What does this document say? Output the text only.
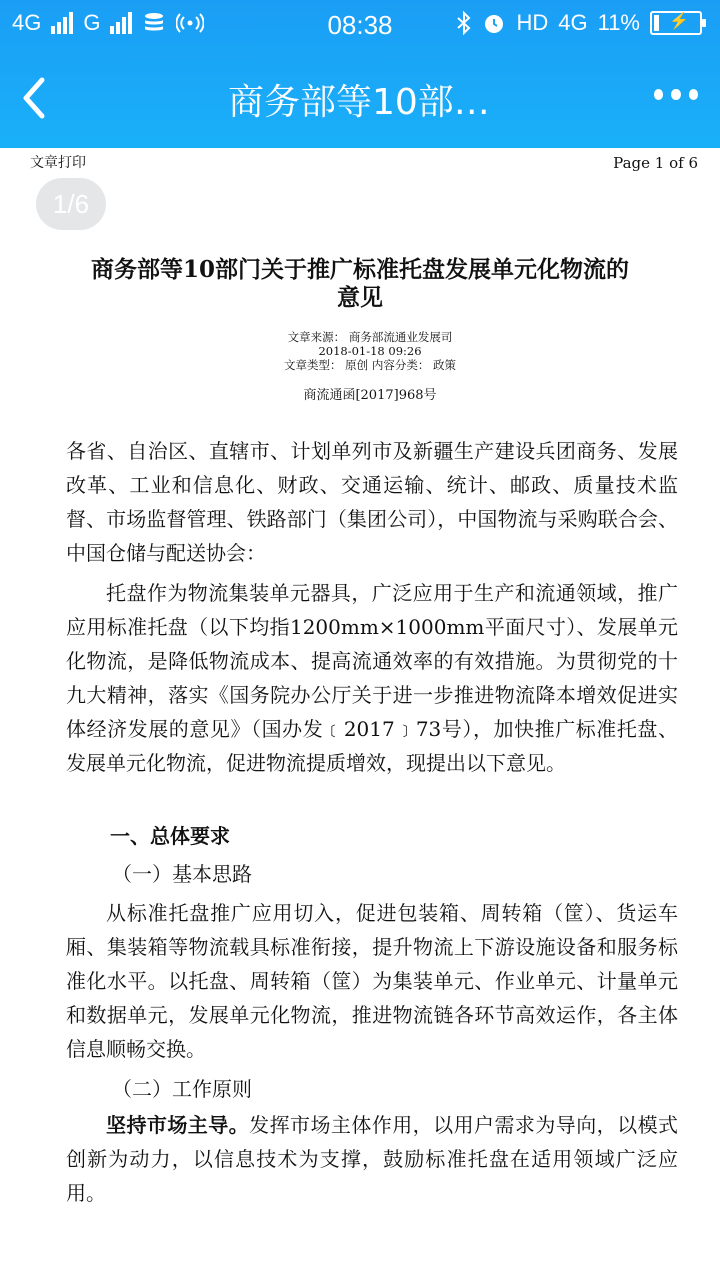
4G G	08:38	HD 4G 11% ⚡
商务部等10部…
文章打印	Page 1 of 6
1/6
商务部等10部门关于推广标准托盘发展单元化物流的
意见
文章来源： 商务部流通业发展司
2018-01-18 09:26
文章类型： 原创 内容分类： 政策
商流通函[2017]968号
各省、自治区、直辖市、计划单列市及新疆生产建设兵团商务、发展改革、工业和信息化、财政、交通运输、统计、邮政、质量技术监督、市场监督管理、铁路部门（集团公司），中国物流与采购联合会、中国仓储与配送协会：
托盘作为物流集装单元器具，广泛应用于生产和流通领域，推广应用标准托盘（以下均指1200mm×1000mm平面尺寸）、发展单元化物流，是降低物流成本、提高流通效率的有效措施。为贯彻党的十九大精神，落实《国务院办公厅关于进一步推进物流降本增效促进实体经济发展的意见》（国办发﹝2017﹞73号），加快推广标准托盘、发展单元化物流，促进物流提质增效，现提出以下意见。
一、总体要求
（一）基本思路
从标准托盘推广应用切入，促进包装箱、周转箱（筐）、货运车厢、集装箱等物流载具标准衔接，提升物流上下游设施设备和服务标准化水平。以托盘、周转箱（筐）为集装单元、作业单元、计量单元和数据单元，发展单元化物流，推进物流链各环节高效运作，各主体信息顺畅交换。
（二）工作原则
坚持市场主导。发挥市场主体作用，以用户需求为导向，以模式创新为动力，以信息技术为支撑，鼓励标准托盘在适用领域广泛应用。
